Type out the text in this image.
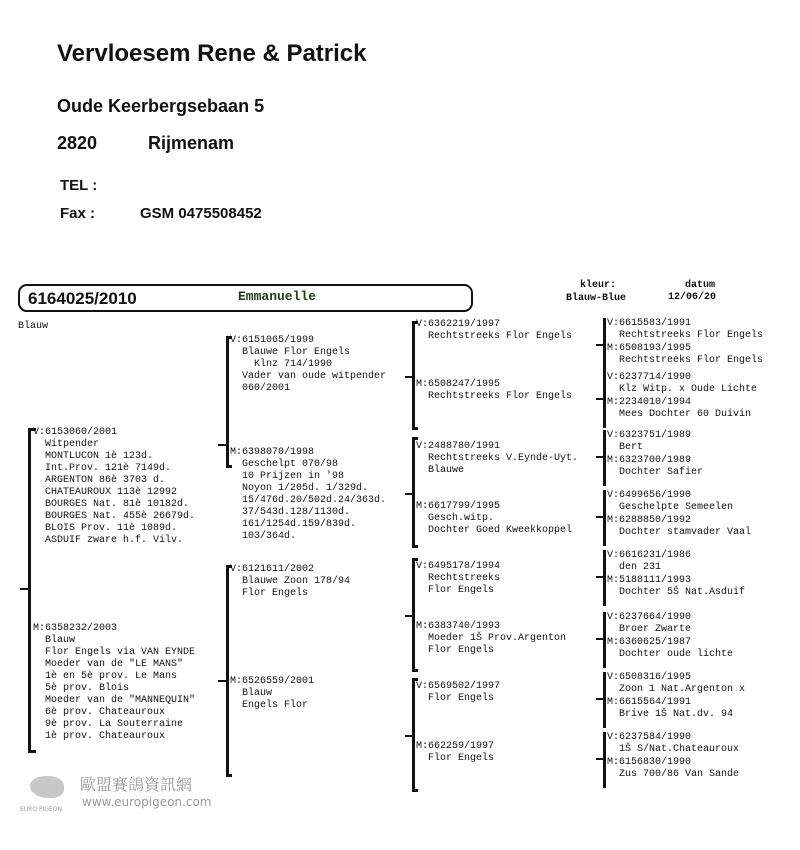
Vervloesem Rene & Patrick
Oude Keerbergsebaan 5
2820	Rijmenam
TEL :
Fax :	GSM 0475508452
6164025/2010	Emmanuelle
kleur:
Blauw-Blue
datum
12/06/20
Blauw
V:6153060/2001
Witpender
MONTLUCON 1è 123d.
Int.Prov. 121è 7149d.
ARGENTON 86è 3703 d.
CHATEAUROUX 113è 12992
BOURGES Nat. 81è 10182d.
BOURGES Nat. 455è 26679d.
BLOIS Prov. 11è 1089d.
ASDUIF zware h.f. Vilv.
M:6358232/2003
Blauw
Flor Engels via VAN EYNDE
Moeder van de "LE MANS"
1è en 5è prov. Le Mans
5è prov. Blois
Moeder van de "MANNEQUIN"
6è prov. Chateauroux
9è prov. La Souterraine
1è prov. Chateauroux
V:6151065/1999
Blauwe Flor Engels
Klnz 714/1990
Vader van oude witpender
060/2001
M:6398070/1998
Geschelpt 070/98
10 Prijzen in '98
Noyon 1/205d. 1/329d.
15/476d.20/502d.24/363d.
37/543d.128/1130d.
161/1254d.159/839d.
103/364d.
V:6121611/2002
Blauwe Zoon 178/94
Flor Engels
M:6526559/2001
Blauw
Engels Flor
V:6362219/1997
Rechtstreeks Flor Engels
M:6508247/1995
Rechtstreeks Flor Engels
V:2488780/1991
Rechtstreeks V.Eynde-Uyt.
Blauwe
M:6617799/1995
Gesch.witp.
Dochter Goed Kweekkoppel
V:6495178/1994
Rechtstreeks
Flor Engels
M:6383740/1993
Moeder 1Š Prov.Argenton
Flor Engels
V:6569502/1997
Flor Engels
M:662259/1997
Flor Engels
V:6615583/1991
Rechtstreeks Flor Engels
M:6508193/1995
Rechtstreeks Flor Engels
V:6237714/1990
Klz Witp. x Oude Lichte
M:2234010/1994
Mees Dochter 60 Duivin
V:6323751/1989
Bert
M:6323700/1989
Dochter Safier
V:6499656/1990
Geschelpte Semeelen
M:6288850/1992
Dochter stamvader Vaal
V:6616231/1986
den 231
M:5188111/1993
Dochter 5Š Nat.Asduif
V:6237664/1990
Broer Zwarte
M:6360625/1987
Dochter oude lichte
V:6508316/1995
Zoon 1 Nat.Argenton x
M:6615564/1991
Brive 1Š Nat.dv. 94
V:6237584/1990
1Š S/Nat.Chateauroux
M:6156830/1990
Zus 700/86 Van Sande
EURO PIGEON
歐盟賽鴿資訊網
www.europigeon.com
